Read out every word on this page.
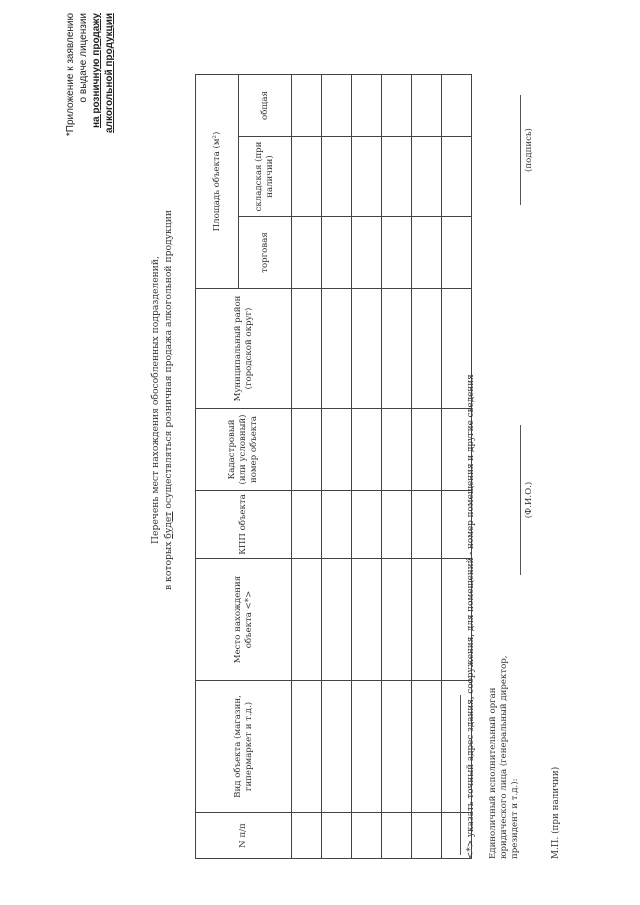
*Приложение к заявлению о выдаче лицензии на розничную продажу алкогольной продукции
Перечень мест нахождения обособленных подразделений,
в которых будет осуществляться розничная продажа алкогольной продукции
N п/п	Вид объекта (магазин, гипермаркет и т.д.)	Место нахождения объекта <*>	КПП объекта	Кадастровый (или условный) номер объекта	Муниципальный район (городской округ)	Площадь объекта (м²)		
						торговая	складская (при наличии)	общая

<*> указать точный адрес здания, сооружения, для помещений - номер помещения и другие сведения Единоличный исполнительный орган юридического лица (генеральный директор, президент и т.д.):
(Ф.И.О.)
(подпись)
М.П. (при наличии)
